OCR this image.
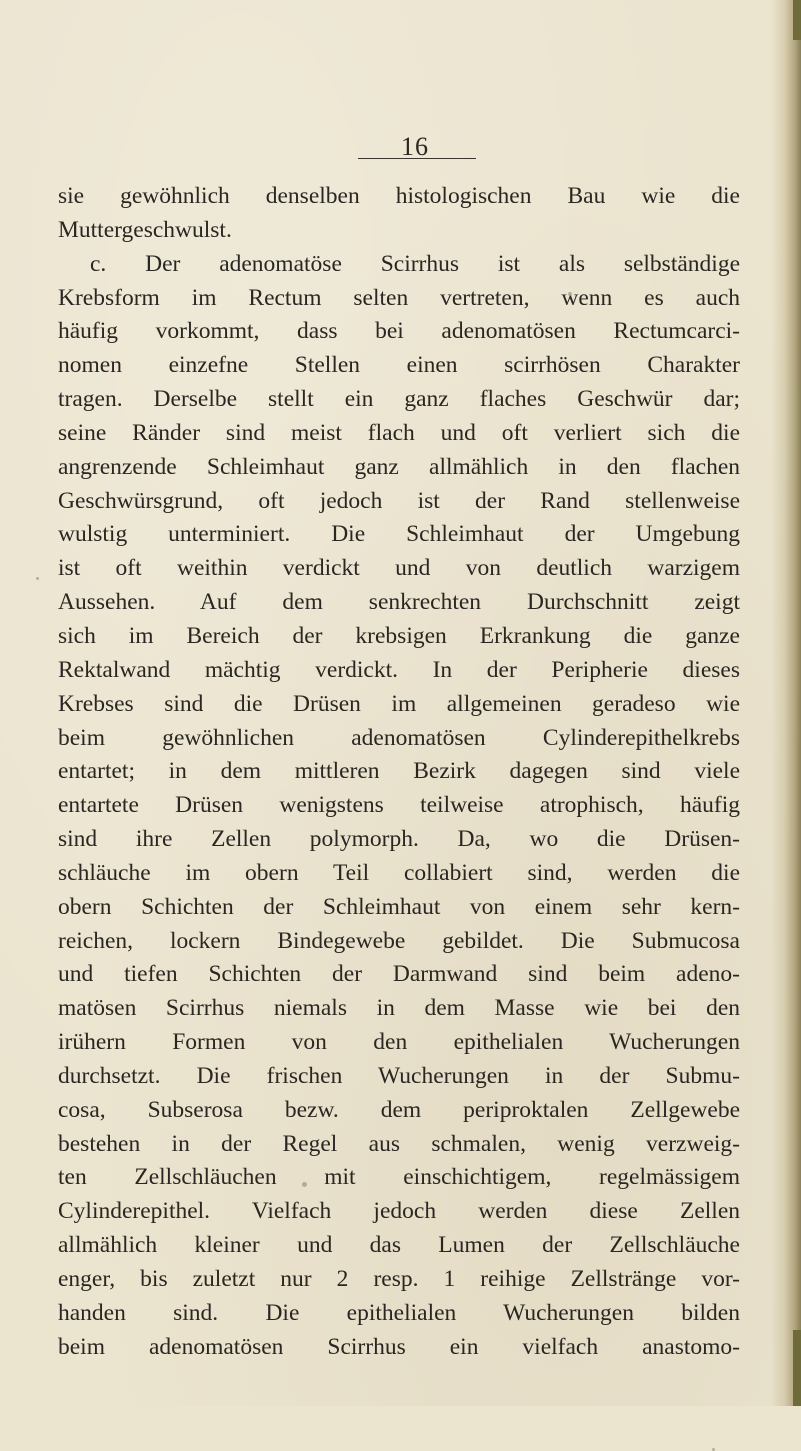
16
sie gewöhnlich denselben histologischen Bau wie die
Muttergeschwulst.
c. Der adenomatöse Scirrhus ist als selbständige
Krebsform im Rectum selten vertreten, wenn es auch
häufig vorkommt, dass bei adenomatösen Rectumcarci-
nomen einzefne Stellen einen scirrhösen Charakter
tragen. Derselbe stellt ein ganz flaches Geschwür dar;
seine Ränder sind meist flach und oft verliert sich die
angrenzende Schleimhaut ganz allmählich in den flachen
Geschwürsgrund, oft jedoch ist der Rand stellenweise
wulstig unterminiert. Die Schleimhaut der Umgebung
ist oft weithin verdickt und von deutlich warzigem
Aussehen. Auf dem senkrechten Durchschnitt zeigt
sich im Bereich der krebsigen Erkrankung die ganze
Rektalwand mächtig verdickt. In der Peripherie dieses
Krebses sind die Drüsen im allgemeinen geradeso wie
beim gewöhnlichen adenomatösen Cylinderepithelkrebs
entartet; in dem mittleren Bezirk dagegen sind viele
entartete Drüsen wenigstens teilweise atrophisch, häufig
sind ihre Zellen polymorph. Da, wo die Drüsen-
schläuche im obern Teil collabiert sind, werden die
obern Schichten der Schleimhaut von einem sehr kern-
reichen, lockern Bindegewebe gebildet. Die Submucosa
und tiefen Schichten der Darmwand sind beim adeno-
matösen Scirrhus niemals in dem Masse wie bei den
irühern Formen von den epithelialen Wucherungen
durchsetzt. Die frischen Wucherungen in der Submu-
cosa, Subserosa bezw. dem periproktalen Zellgewebe
bestehen in der Regel aus schmalen, wenig verzweig-
ten Zellschläuchen mit einschichtigem, regelmässigem
Cylinderepithel. Vielfach jedoch werden diese Zellen
allmählich kleiner und das Lumen der Zellschläuche
enger, bis zuletzt nur 2 resp. 1 reihige Zellstränge vor-
handen sind. Die epithelialen Wucherungen bilden
beim adenomatösen Scirrhus ein vielfach anastomo-
